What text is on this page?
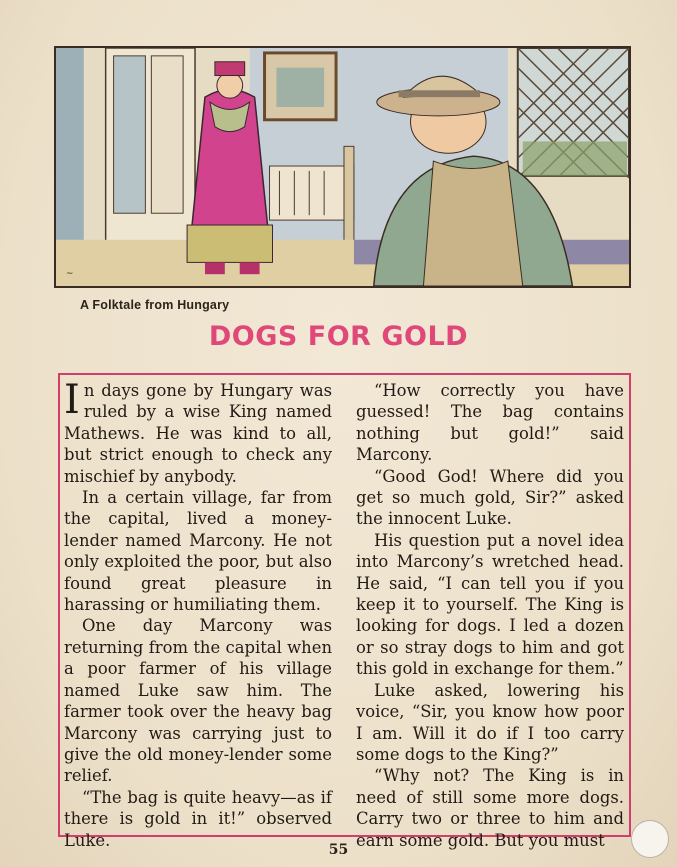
~
A Folktale from Hungary
DOGS FOR GOLD

In days gone by Hungary was ruled by a wise King named Mathews. He was kind to all, but strict enough to check any mischief by anybody.

In a certain village, far from the capital, lived a money-lender named Marcony. He not only exploited the poor, but also found great pleasure in harassing or humiliating them.

One day Marcony was returning from the capital when a poor farmer of his village named Luke saw him. The farmer took over the heavy bag Marcony was carrying just to give the old money-lender some relief.

“The bag is quite heavy—as if there is gold in it!” observed Luke.

“How correctly you have guessed! The bag contains nothing but gold!” said Marcony.

“Good God! Where did you get so much gold, Sir?” asked the innocent Luke.

His question put a novel idea into Marcony’s wretched head. He said, “I can tell you if you keep it to yourself. The King is looking for dogs. I led a dozen or so stray dogs to him and got this gold in exchange for them.”

Luke asked, lowering his voice, “Sir, you know how poor I am. Will it do if I too carry some dogs to the King?”

“Why not? The King is in need of still some more dogs. Carry two or three to him and earn some gold. But you must

55
